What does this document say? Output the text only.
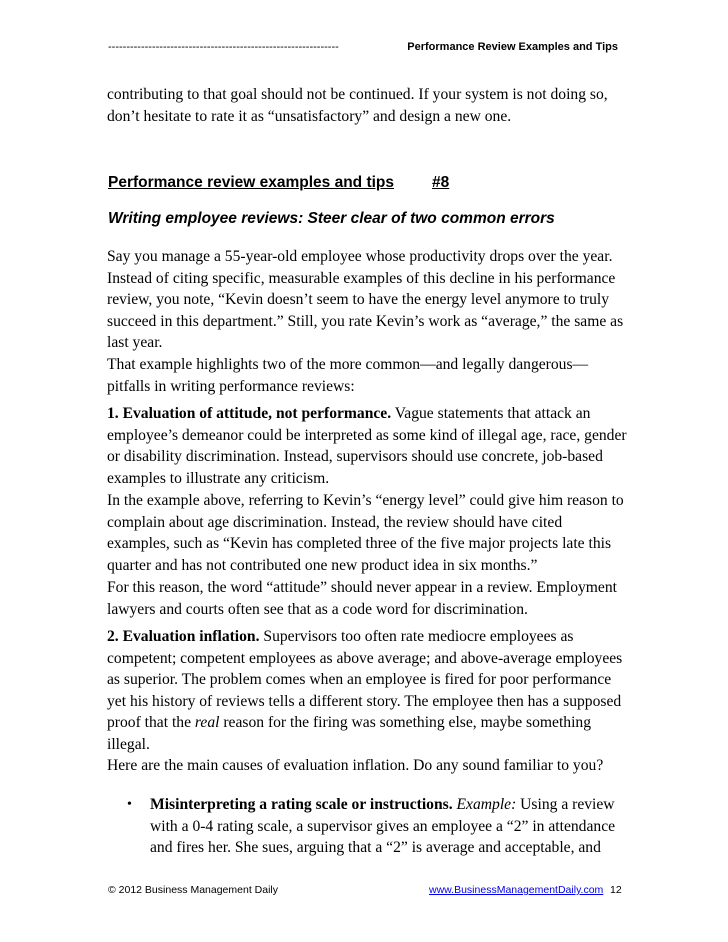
---------------------------------------------------------------	Performance Review Examples and Tips

contributing to that goal should not be continued. If your system is not doing so, don’t hesitate to rate it as “unsatisfactory” and design a new one.

Performance review examples and tips #8
Writing employee reviews: Steer clear of two common errors

Say you manage a 55-year-old employee whose productivity drops over the year. Instead of citing specific, measurable examples of this decline in his performance review, you note, “Kevin doesn’t seem to have the energy level anymore to truly succeed in this department.” Still, you rate Kevin’s work as “average,” the same as last year.

That example highlights two of the more common—and legally dangerous—pitfalls in writing performance reviews:

1. Evaluation of attitude, not performance. Vague statements that attack an employee’s demeanor could be interpreted as some kind of illegal age, race, gender or disability discrimination. Instead, supervisors should use concrete, job-based examples to illustrate any criticism.

In the example above, referring to Kevin’s “energy level” could give him reason to complain about age discrimination. Instead, the review should have cited examples, such as “Kevin has completed three of the five major projects late this quarter and has not contributed one new product idea in six months.”

For this reason, the word “attitude” should never appear in a review. Employment lawyers and courts often see that as a code word for discrimination.

2. Evaluation inflation. Supervisors too often rate mediocre employees as competent; competent employees as above average; and above-average employees as superior. The problem comes when an employee is fired for poor performance yet his history of reviews tells a different story. The employee then has a supposed proof that the real reason for the firing was something else, maybe something illegal.

Here are the main causes of evaluation inflation. Do any sound familiar to you?

• Misinterpreting a rating scale or instructions. Example: Using a review with a 0-4 rating scale, a supervisor gives an employee a “2” in attendance and fires her. She sues, arguing that a “2” is average and acceptable, and

© 2012 Business Management Daily	www.BusinessManagementDaily.com 12
